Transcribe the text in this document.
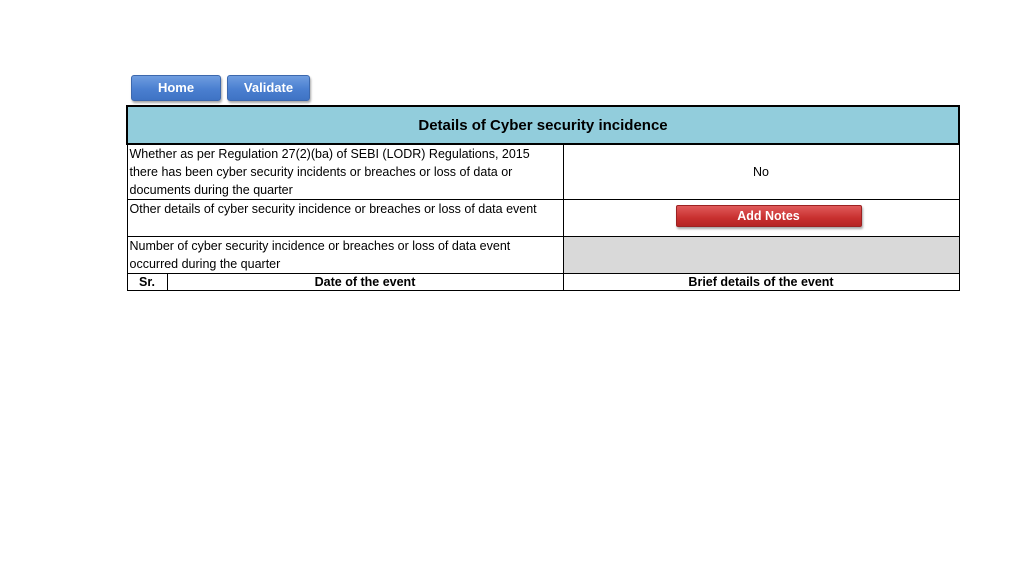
Home	Validate
Details of Cyber security incidence		
Whether as per Regulation 27(2)(ba) of SEBI (LODR) Regulations, 2015 there has been cyber security incidents or breaches or loss of data or documents during the quarter		No
Other details of cyber security incidence or breaches or loss of data event		Add Notes
Number of cyber security incidence or breaches or loss of data event occurred during the quarter		
Sr.	Date of the event	Brief details of the event
